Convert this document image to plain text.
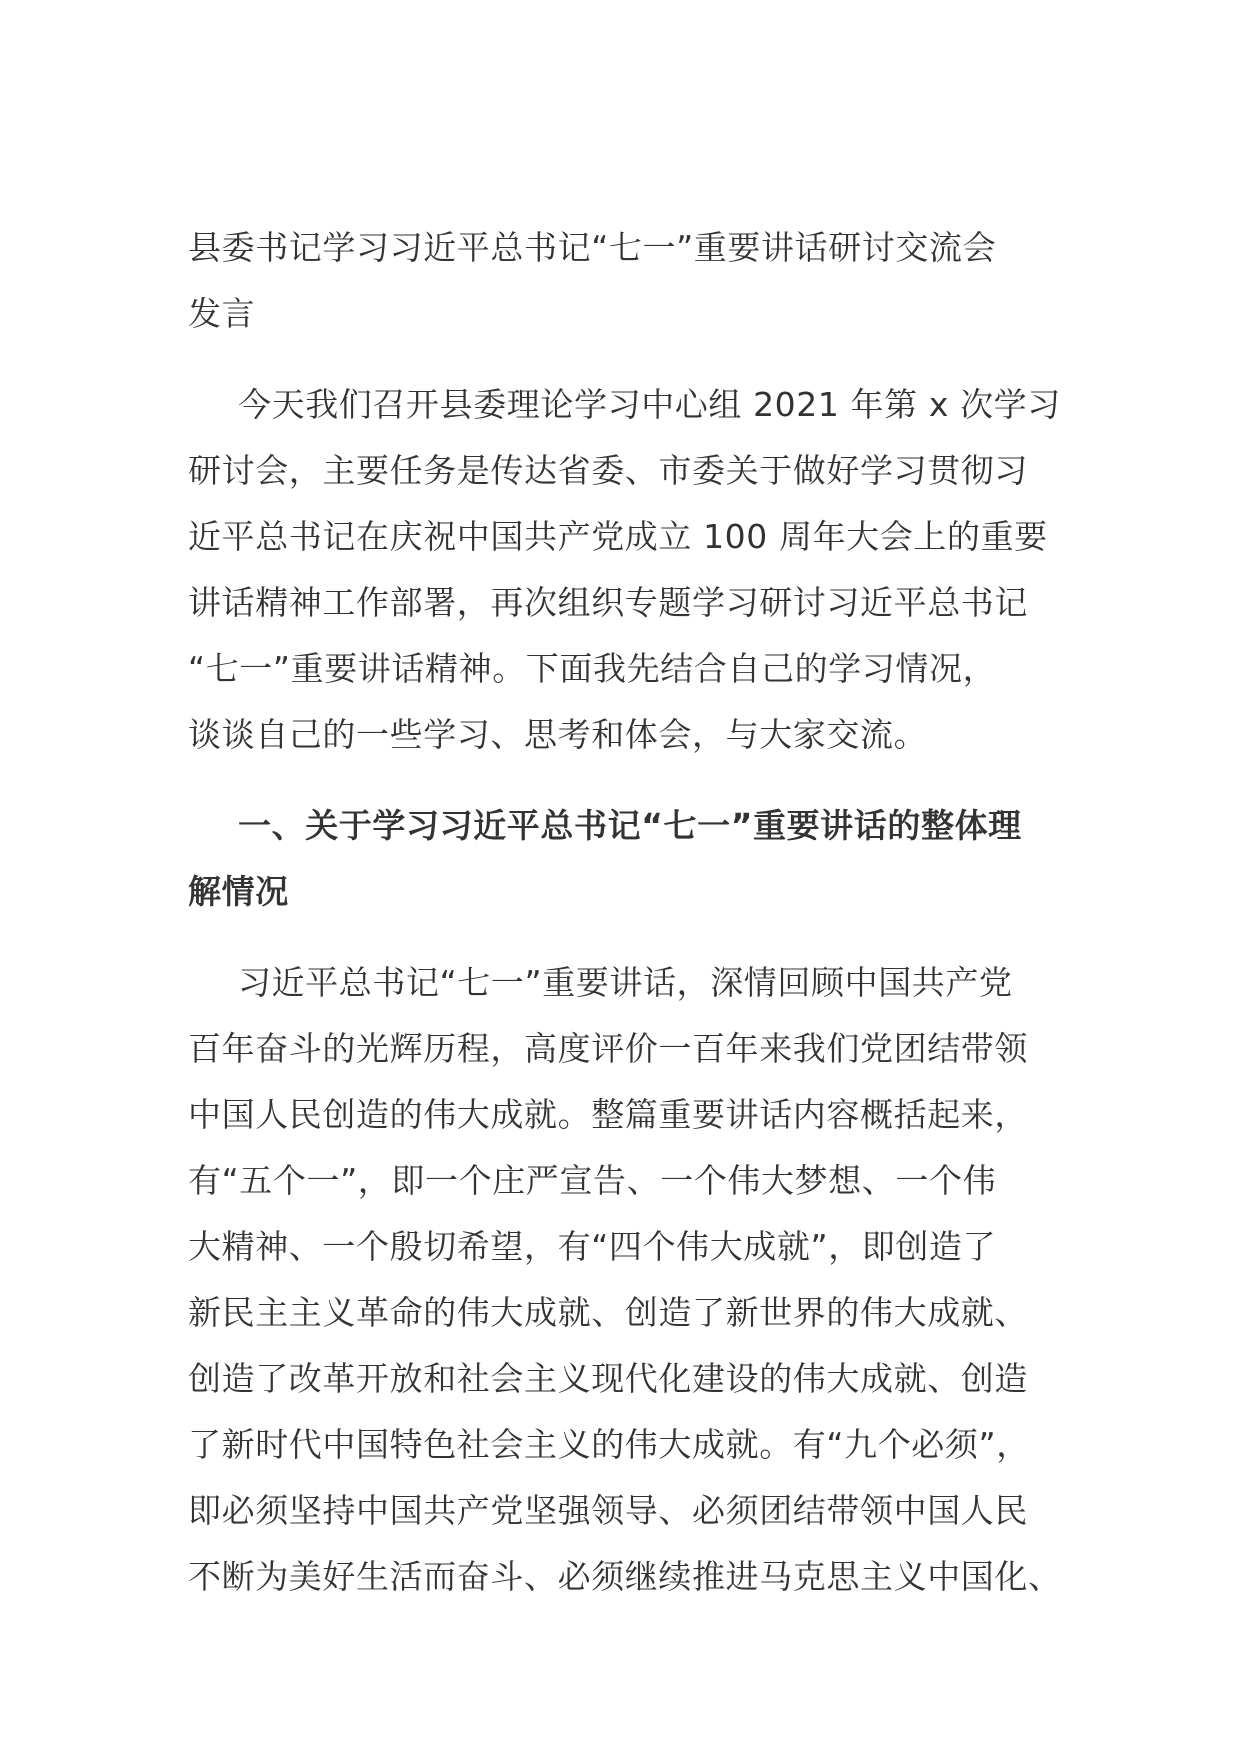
县委书记学习习近平总书记“七一”重要讲话研讨交流会
发言
今天我们召开县委理论学习中心组 2021 年第 x 次学习
研讨会，主要任务是传达省委、市委关于做好学习贯彻习
近平总书记在庆祝中国共产党成立 100 周年大会上的重要
讲话精神工作部署，再次组织专题学习研讨习近平总书记
“七一”重要讲话精神。下面我先结合自己的学习情况，
谈谈自己的一些学习、思考和体会，与大家交流。
一、关于学习习近平总书记“七一”重要讲话的整体理
解情况
习近平总书记“七一”重要讲话，深情回顾中国共产党
百年奋斗的光辉历程，高度评价一百年来我们党团结带领
中国人民创造的伟大成就。整篇重要讲话内容概括起来，
有“五个一”，即一个庄严宣告、一个伟大梦想、一个伟
大精神、一个殷切希望，有“四个伟大成就”，即创造了
新民主主义革命的伟大成就、创造了新世界的伟大成就、
创造了改革开放和社会主义现代化建设的伟大成就、创造
了新时代中国特色社会主义的伟大成就。有“九个必须”，
即必须坚持中国共产党坚强领导、必须团结带领中国人民
不断为美好生活而奋斗、必须继续推进马克思主义中国化、
